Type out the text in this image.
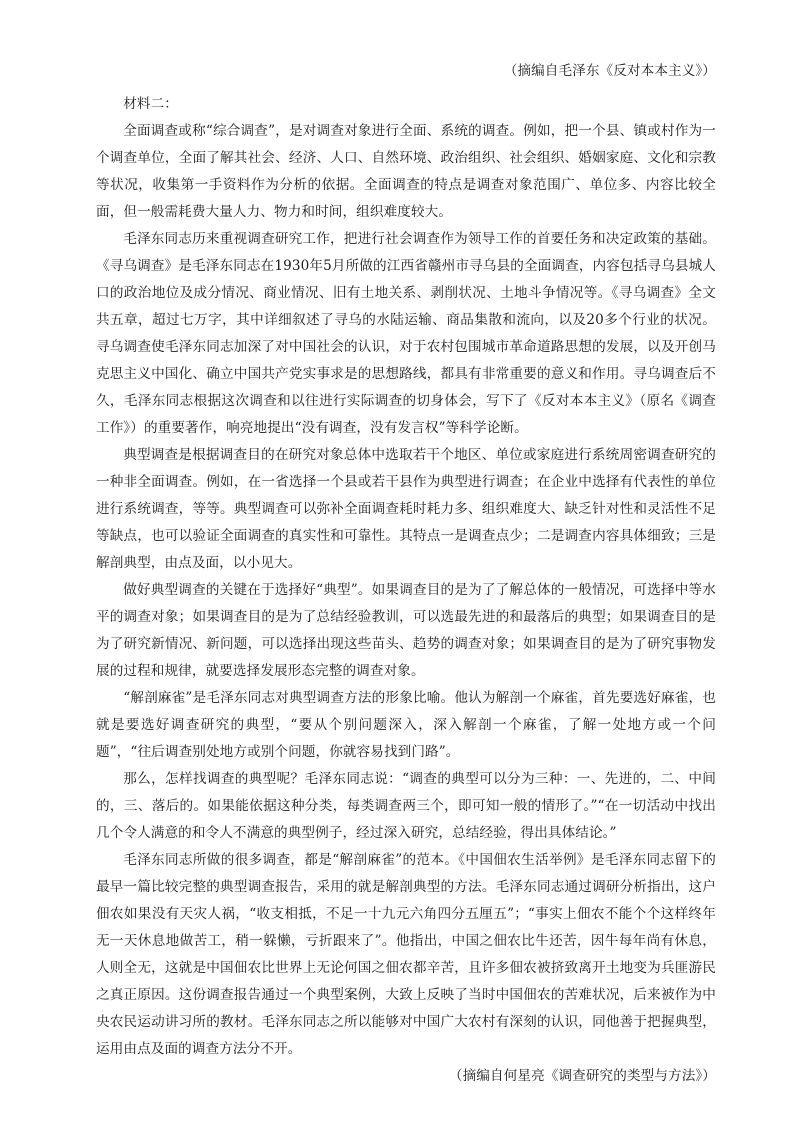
（摘编自毛泽东《反对本本主义》）

材料二：

全面调查或称“综合调查”，是对调查对象进行全面、系统的调查。例如，把一个县、镇或村作为一个调查单位，全面了解其社会、经济、人口、自然环境、政治组织、社会组织、婚姻家庭、文化和宗教等状况，收集第一手资料作为分析的依据。全面调查的特点是调查对象范围广、单位多、内容比较全面，但一般需耗费大量人力、物力和时间，组织难度较大。

毛泽东同志历来重视调查研究工作，把进行社会调查作为领导工作的首要任务和决定政策的基础。《寻乌调查》是毛泽东同志在1930年5月所做的江西省赣州市寻乌县的全面调查，内容包括寻乌县城人口的政治地位及成分情况、商业情况、旧有土地关系、剥削状况、土地斗争情况等。《寻乌调查》全文共五章，超过七万字，其中详细叙述了寻乌的水陆运输、商品集散和流向，以及20多个行业的状况。寻乌调查使毛泽东同志加深了对中国社会的认识，对于农村包围城市革命道路思想的发展，以及开创马克思主义中国化、确立中国共产党实事求是的思想路线，都具有非常重要的意义和作用。寻乌调查后不久，毛泽东同志根据这次调查和以往进行实际调查的切身体会，写下了《反对本本主义》（原名《调查工作》）的重要著作，响亮地提出“没有调查，没有发言权”等科学论断。

典型调查是根据调查目的在研究对象总体中选取若干个地区、单位或家庭进行系统周密调查研究的一种非全面调查。例如，在一省选择一个县或若干县作为典型进行调查；在企业中选择有代表性的单位进行系统调查，等等。典型调查可以弥补全面调查耗时耗力多、组织难度大、缺乏针对性和灵活性不足等缺点，也可以验证全面调查的真实性和可靠性。其特点一是调查点少；二是调查内容具体细致；三是解剖典型，由点及面，以小见大。

做好典型调查的关键在于选择好“典型”。如果调查目的是为了了解总体的一般情况，可选择中等水平的调查对象；如果调查目的是为了总结经验教训，可以选最先进的和最落后的典型；如果调查目的是为了研究新情况、新问题，可以选择出现这些苗头、趋势的调查对象；如果调查目的是为了研究事物发展的过程和规律，就要选择发展形态完整的调查对象。

“解剖麻雀”是毛泽东同志对典型调查方法的形象比喻。他认为解剖一个麻雀，首先要选好麻雀，也就是要选好调查研究的典型，“要从个别问题深入，深入解剖一个麻雀，了解一处地方或一个问题”，“往后调查别处地方或别个问题，你就容易找到门路”。

那么，怎样找调查的典型呢？毛泽东同志说：“调查的典型可以分为三种：一、先进的，二、中间的，三、落后的。如果能依据这种分类，每类调查两三个，即可知一般的情形了。”“在一切活动中找出几个令人满意的和令人不满意的典型例子，经过深入研究，总结经验，得出具体结论。”

毛泽东同志所做的很多调查，都是“解剖麻雀”的范本。《中国佃农生活举例》是毛泽东同志留下的最早一篇比较完整的典型调查报告，采用的就是解剖典型的方法。毛泽东同志通过调研分析指出，这户佃农如果没有天灾人祸，“收支相抵，不足一十九元六角四分五厘五”；“事实上佃农不能个个这样终年无一天休息地做苦工，稍一躲懒，亏折跟来了”。他指出，中国之佃农比牛还苦，因牛每年尚有休息，人则全无，这就是中国佃农比世界上无论何国之佃农都辛苦，且许多佃农被挤致离开土地变为兵匪游民之真正原因。这份调查报告通过一个典型案例，大致上反映了当时中国佃农的苦难状况，后来被作为中央农民运动讲习所的教材。毛泽东同志之所以能够对中国广大农村有深刻的认识，同他善于把握典型，运用由点及面的调查方法分不开。

（摘编自何星亮《调查研究的类型与方法》）
